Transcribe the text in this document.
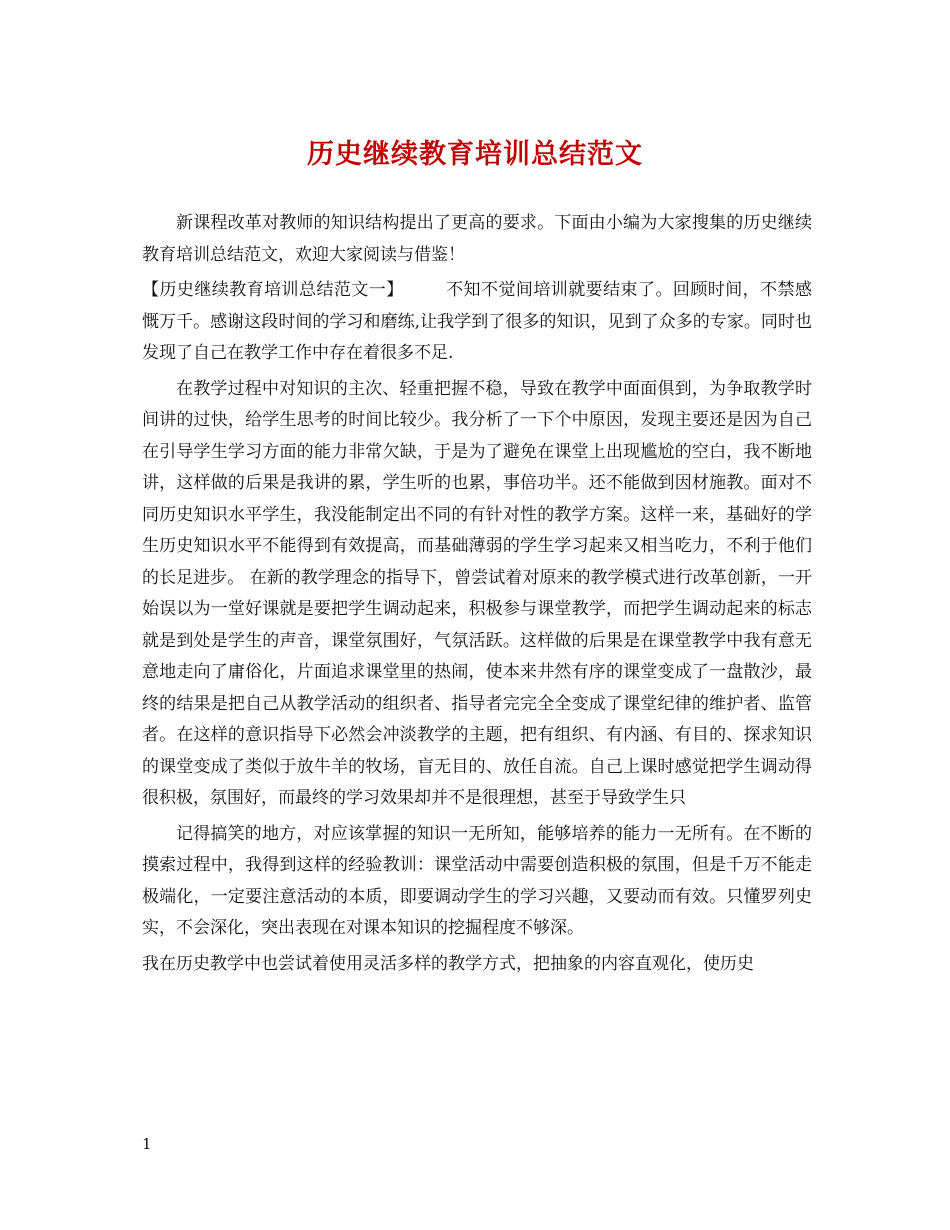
历史继续教育培训总结范文

新课程改革对教师的知识结构提出了更高的要求。下面由小编为大家搜集的历史继续教育培训总结范文，欢迎大家阅读与借鉴！

【历史继续教育培训总结范文一】 不知不觉间培训就要结束了。回顾时间，不禁感慨万千。感谢这段时间的学习和磨练,让我学到了很多的知识，见到了众多的专家。同时也发现了自己在教学工作中存在着很多不足.

在教学过程中对知识的主次、轻重把握不稳，导致在教学中面面俱到，为争取教学时间讲的过快，给学生思考的时间比较少。我分析了一下个中原因，发现主要还是因为自己在引导学生学习方面的能力非常欠缺，于是为了避免在课堂上出现尴尬的空白，我不断地讲，这样做的后果是我讲的累，学生听的也累，事倍功半。还不能做到因材施教。面对不同历史知识水平学生，我没能制定出不同的有针对性的教学方案。这样一来，基础好的学生历史知识水平不能得到有效提高，而基础薄弱的学生学习起来又相当吃力，不利于他们的长足进步。 在新的教学理念的指导下，曾尝试着对原来的教学模式进行改革创新，一开始误以为一堂好课就是要把学生调动起来，积极参与课堂教学，而把学生调动起来的标志就是到处是学生的声音，课堂氛围好，气氛活跃。这样做的后果是在课堂教学中我有意无意地走向了庸俗化，片面追求课堂里的热闹，使本来井然有序的课堂变成了一盘散沙，最终的结果是把自己从教学活动的组织者、指导者完完全全变成了课堂纪律的维护者、监管者。在这样的意识指导下必然会冲淡教学的主题，把有组织、有内涵、有目的、探求知识的课堂变成了类似于放牛羊的牧场，盲无目的、放任自流。自己上课时感觉把学生调动得很积极，氛围好，而最终的学习效果却并不是很理想，甚至于导致学生只

记得搞笑的地方，对应该掌握的知识一无所知，能够培养的能力一无所有。在不断的摸索过程中，我得到这样的经验教训：课堂活动中需要创造积极的氛围，但是千万不能走极端化，一定要注意活动的本质，即要调动学生的学习兴趣，又要动而有效。只懂罗列史实，不会深化，突出表现在对课本知识的挖掘程度不够深。

我在历史教学中也尝试着使用灵活多样的教学方式，把抽象的内容直观化，使历史

1
